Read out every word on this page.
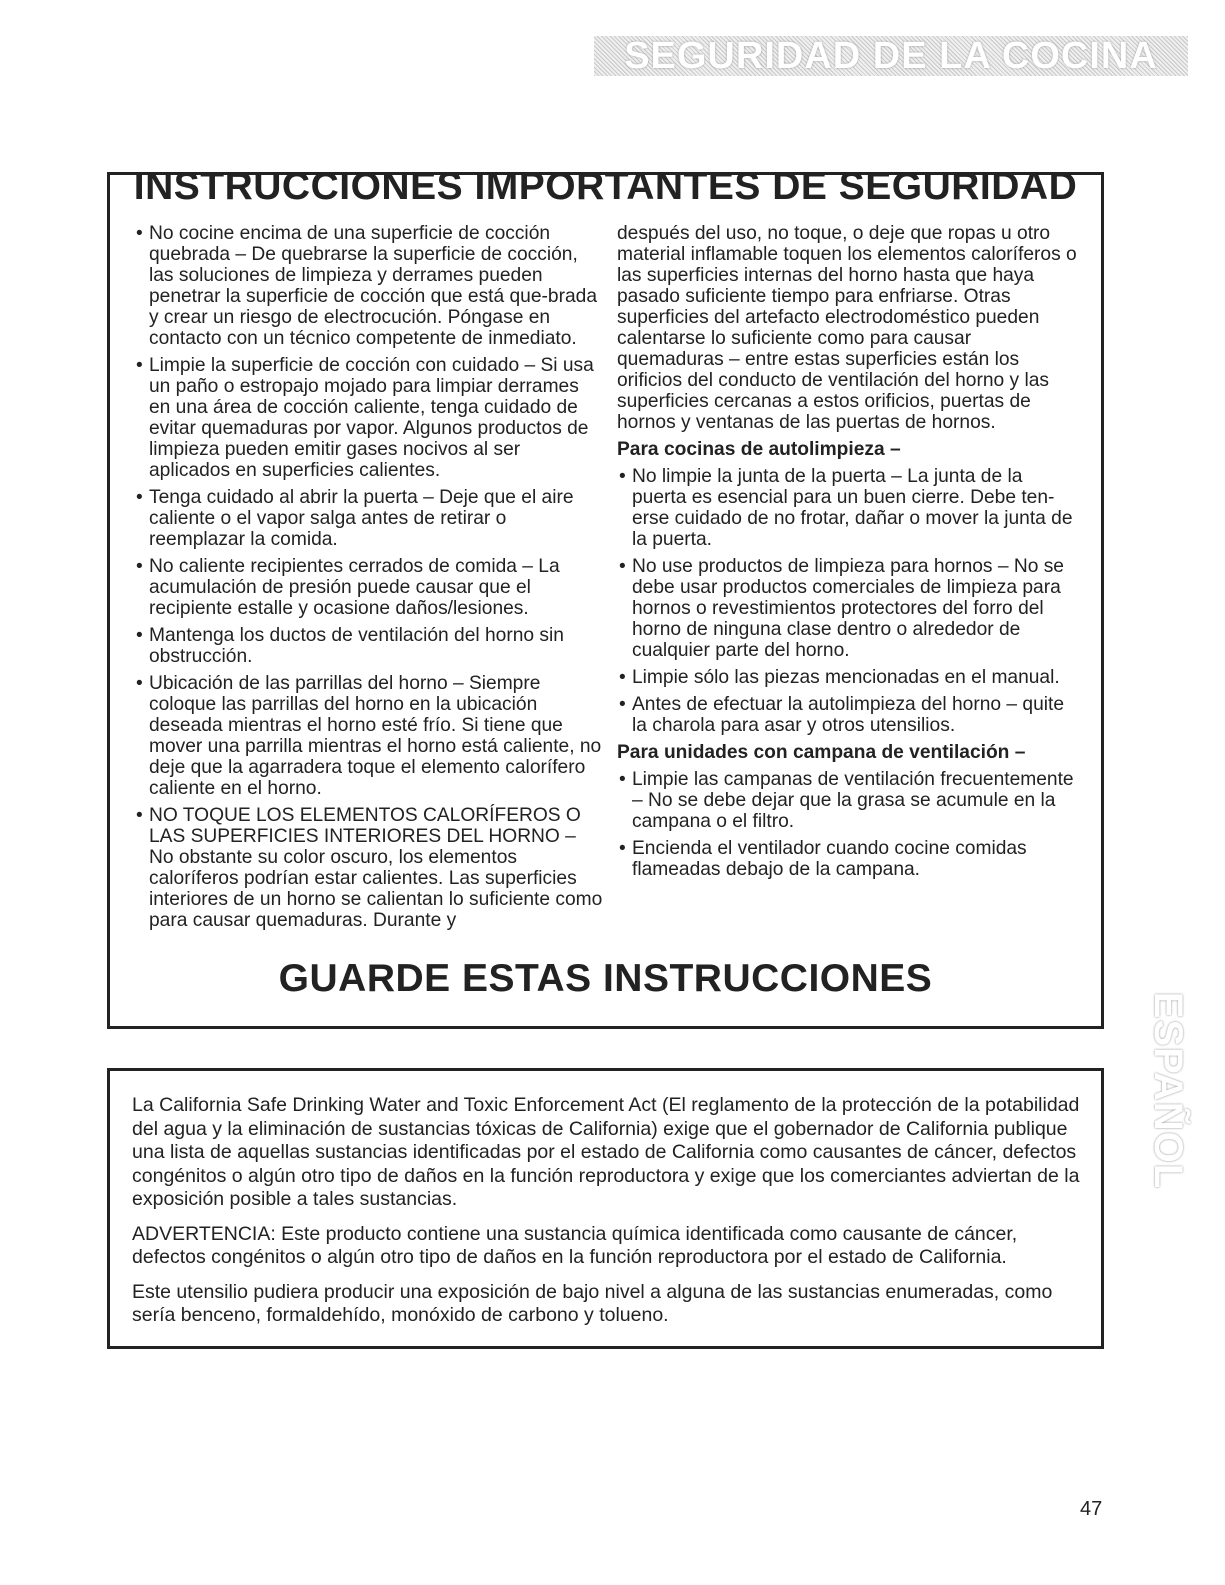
SEGURIDAD DE LA COCINA
INSTRUCCIONES IMPORTANTES DE SEGURIDAD
• No cocine encima de una superficie de cocción quebrada – De quebrarse la superficie de cocción, las soluciones de limpieza y derrames pueden penetrar la superficie de cocción que está que-brada y crear un riesgo de electrocución. Póngase en contacto con un técnico competente de inmediato.
• Limpie la superficie de cocción con cuidado – Si usa un paño o estropajo mojado para limpiar derrames en una área de cocción caliente, tenga cuidado de evitar quemaduras por vapor. Algunos productos de limpieza pueden emitir gases nocivos al ser aplicados en superficies calientes.
• Tenga cuidado al abrir la puerta – Deje que el aire caliente o el vapor salga antes de retirar o reemplazar la comida.
• No caliente recipientes cerrados de comida – La acumulación de presión puede causar que el recipiente estalle y ocasione daños/lesiones.
• Mantenga los ductos de ventilación del horno sin obstrucción.
• Ubicación de las parrillas del horno – Siempre coloque las parrillas del horno en la ubicación deseada mientras el horno esté frío. Si tiene que mover una parrilla mientras el horno está caliente, no deje que la agarradera toque el elemento calorífero caliente en el horno.
• NO TOQUE LOS ELEMENTOS CALORÍFEROS O LAS SUPERFICIES INTERIORES DEL HORNO – No obstante su color oscuro, los elementos caloríferos podrían estar calientes. Las superficies interiores de un horno se calientan lo suficiente como para causar quemaduras. Durante y
después del uso, no toque, o deje que ropas u otro material inflamable toquen los elementos caloríferos o las superficies internas del horno hasta que haya pasado suficiente tiempo para enfriarse. Otras superficies del artefacto electrodoméstico pueden calentarse lo suficiente como para causar quemaduras – entre estas superficies están los orificios del conducto de ventilación del horno y las superficies cercanas a estos orificios, puertas de hornos y ventanas de las puertas de hornos.
Para cocinas de autolimpieza –
• No limpie la junta de la puerta – La junta de la puerta es esencial para un buen cierre. Debe ten-erse cuidado de no frotar, dañar o mover la junta de la puerta.
• No use productos de limpieza para hornos – No se debe usar productos comerciales de limpieza para hornos o revestimientos protectores del forro del horno de ninguna clase dentro o alrededor de cualquier parte del horno.
• Limpie sólo las piezas mencionadas en el manual.
• Antes de efectuar la autolimpieza del horno – quite la charola para asar y otros utensilios.
Para unidades con campana de ventilación –
• Limpie las campanas de ventilación frecuentemente – No se debe dejar que la grasa se acumule en la campana o el filtro.
• Encienda el ventilador cuando cocine comidas flameadas debajo de la campana.
GUARDE ESTAS INSTRUCCIONES

La California Safe Drinking Water and Toxic Enforcement Act (El reglamento de la protección de la potabilidad del agua y la eliminación de sustancias tóxicas de California) exige que el gobernador de California publique una lista de aquellas sustancias identificadas por el estado de California como causantes de cáncer, defectos congénitos o algún otro tipo de daños en la función reproductora y exige que los comerciantes adviertan de la exposición posible a tales sustancias.

ADVERTENCIA: Este producto contiene una sustancia química identificada como causante de cáncer, defectos congénitos o algún otro tipo de daños en la función reproductora por el estado de California.

Este utensilio pudiera producir una exposición de bajo nivel a alguna de las sustancias enumeradas, como sería benceno, formaldehído, monóxido de carbono y tolueno.

ESPAÑOL
47
